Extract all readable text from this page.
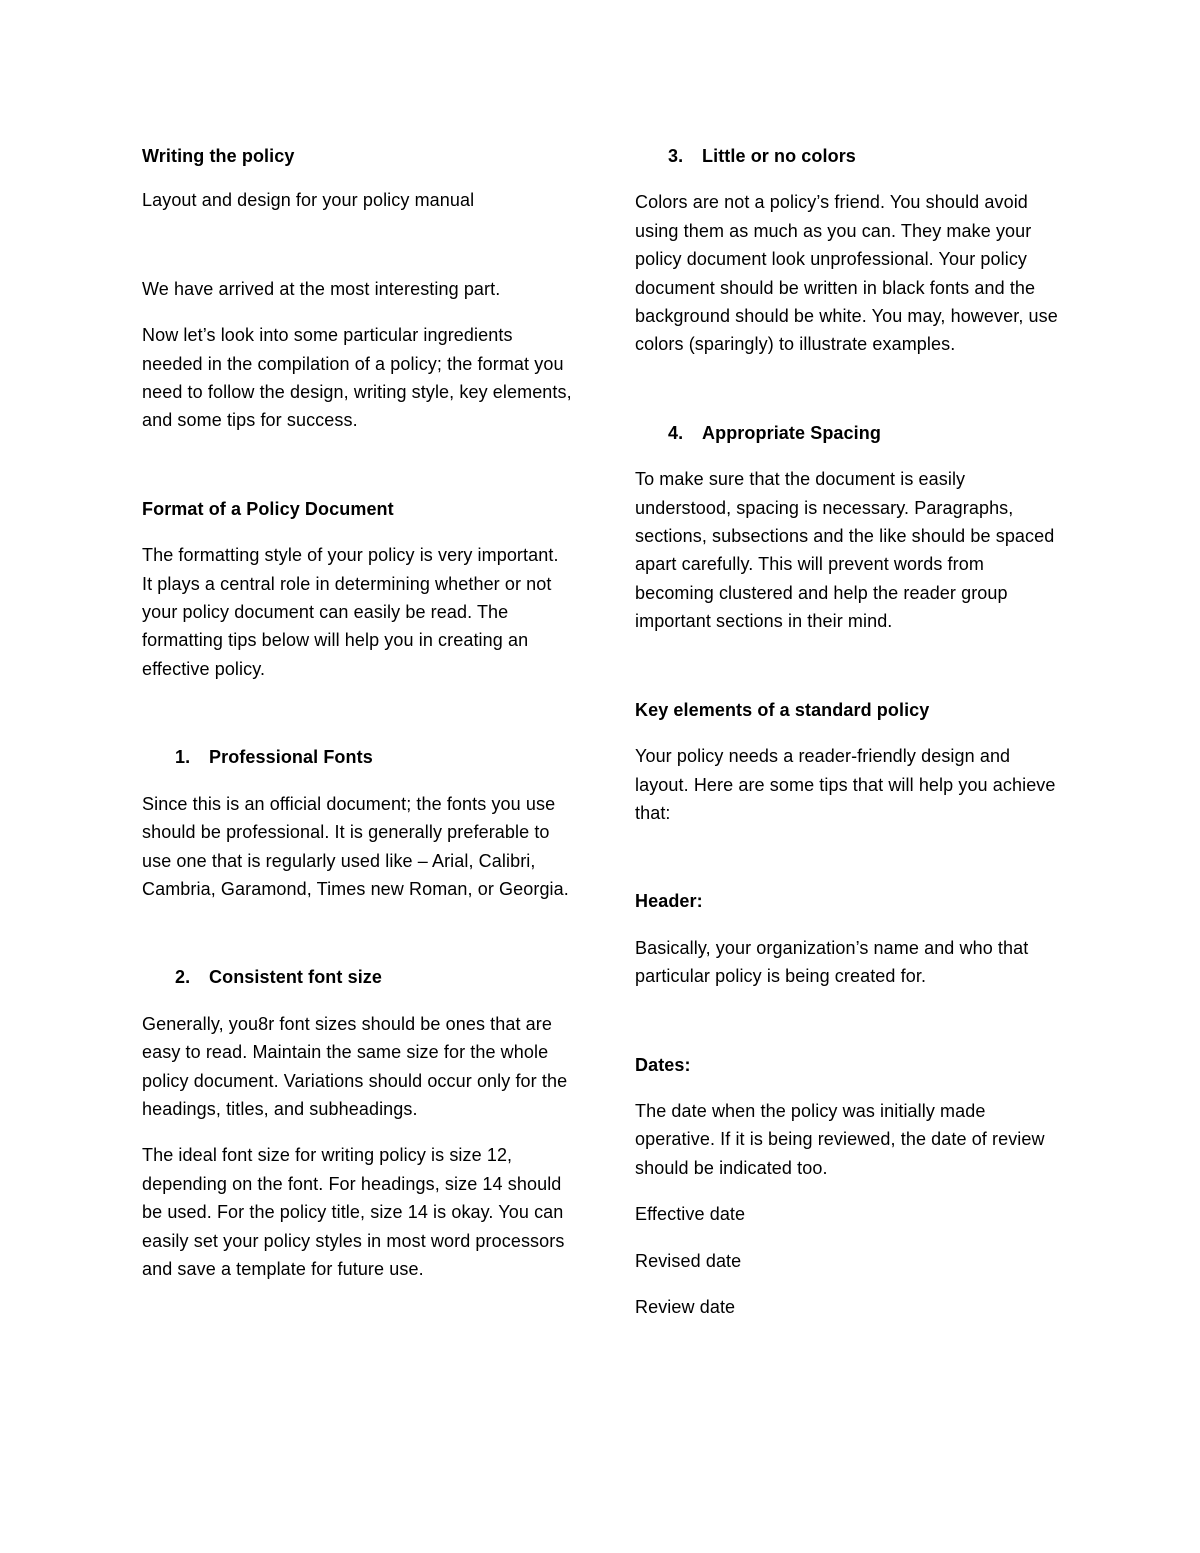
Writing the policy

Layout and design for your policy manual

We have arrived at the most interesting part.

Now let’s look into some particular ingredients needed in the compilation of a policy; the format you need to follow the design, writing style, key elements, and some tips for success.

Format of a Policy Document

The formatting style of your policy is very important. It plays a central role in determining whether or not your policy document can easily be read. The formatting tips below will help you in creating an effective policy.

1. Professional Fonts

Since this is an official document; the fonts you use should be professional. It is generally preferable to use one that is regularly used like – Arial, Calibri, Cambria, Garamond, Times new Roman, or Georgia.

2. Consistent font size

Generally, you8r font sizes should be ones that are easy to read. Maintain the same size for the whole policy document. Variations should occur only for the headings, titles, and subheadings.

The ideal font size for writing policy is size 12, depending on the font. For headings, size 14 should be used. For the policy title, size 14 is okay. You can easily set your policy styles in most word processors and save a template for future use.

3. Little or no colors

Colors are not a policy’s friend. You should avoid using them as much as you can. They make your policy document look unprofessional. Your policy document should be written in black fonts and the background should be white. You may, however, use colors (sparingly) to illustrate examples.

4. Appropriate Spacing

To make sure that the document is easily understood, spacing is necessary. Paragraphs, sections, subsections and the like should be spaced apart carefully. This will prevent words from becoming clustered and help the reader group important sections in their mind.

Key elements of a standard policy

Your policy needs a reader-friendly design and layout. Here are some tips that will help you achieve that:

Header:

Basically, your organization’s name and who that particular policy is being created for.

Dates:

The date when the policy was initially made operative. If it is being reviewed, the date of review should be indicated too.

Effective date

Revised date

Review date
